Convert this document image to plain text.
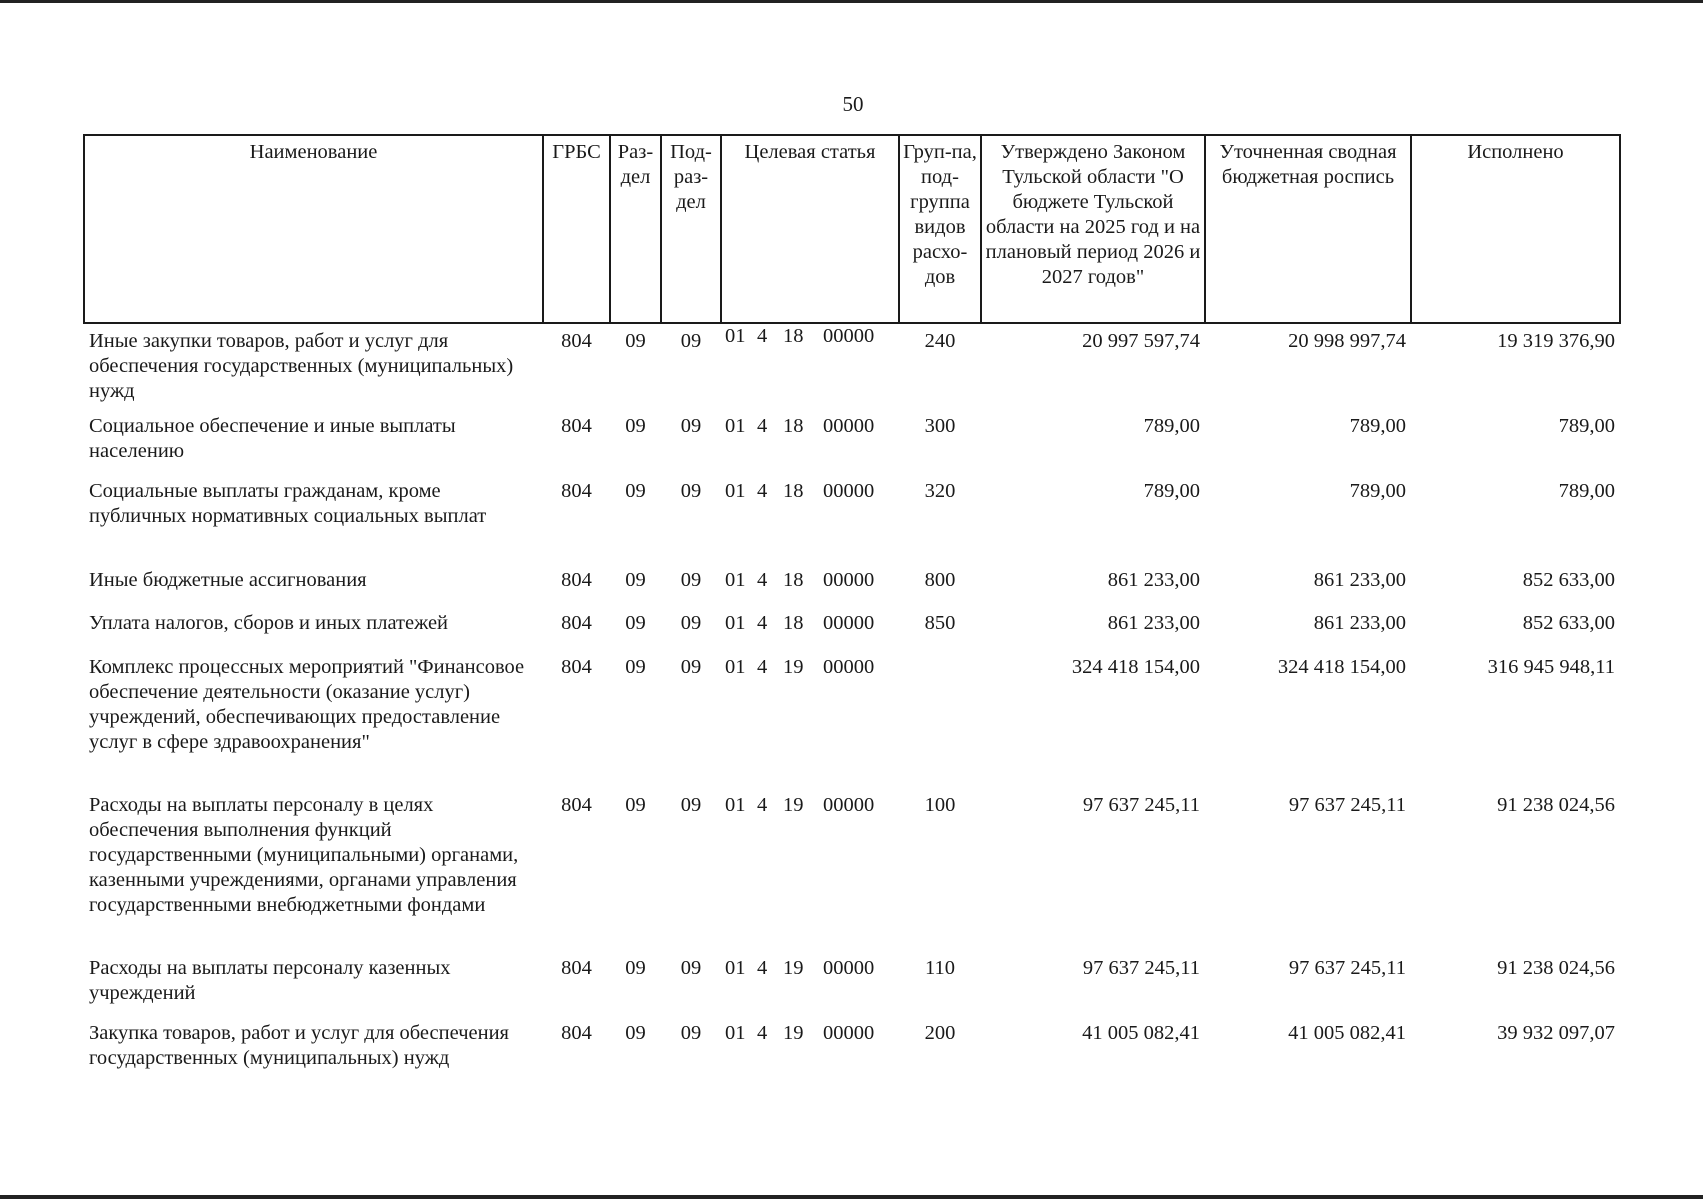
50
Наименование	ГРБС	Раз-дел	Под-раз-дел	Целевая статья	Груп-па, под-группа видов расхо-дов	Утверждено Законом Тульской области "О бюджете Тульской области на 2025 год и на плановый период 2026 и 2027 годов"	Уточненная сводная бюджетная роспись	Исполнено
Иные закупки товаров, работ и услуг для обеспечения государственных (муниципальных) нужд	804	09	09	01 4 18 00000	240	20 997 597,74	20 998 997,74	19 319 376,90
Социальное обеспечение и иные выплаты населению	804	09	09	01 4 18 00000	300	789,00	789,00	789,00
Социальные выплаты гражданам, кроме публичных нормативных социальных выплат	804	09	09	01 4 18 00000	320	789,00	789,00	789,00
Иные бюджетные ассигнования	804	09	09	01 4 18 00000	800	861 233,00	861 233,00	852 633,00
Уплата налогов, сборов и иных платежей	804	09	09	01 4 18 00000	850	861 233,00	861 233,00	852 633,00
Комплекс процессных мероприятий "Финансовое обеспечение деятельности (оказание услуг) учреждений, обеспечивающих предоставление услуг в сфере здравоохранения"	804	09	09	01 4 19 00000		324 418 154,00	324 418 154,00	316 945 948,11
Расходы на выплаты персоналу в целях обеспечения выполнения функций государственными (муниципальными) органами, казенными учреждениями, органами управления государственными внебюджетными фондами	804	09	09	01 4 19 00000	100	97 637 245,11	97 637 245,11	91 238 024,56
Расходы на выплаты персоналу казенных учреждений	804	09	09	01 4 19 00000	110	97 637 245,11	97 637 245,11	91 238 024,56
Закупка товаров, работ и услуг для обеспечения государственных (муниципальных) нужд	804	09	09	01 4 19 00000	200	41 005 082,41	41 005 082,41	39 932 097,07
